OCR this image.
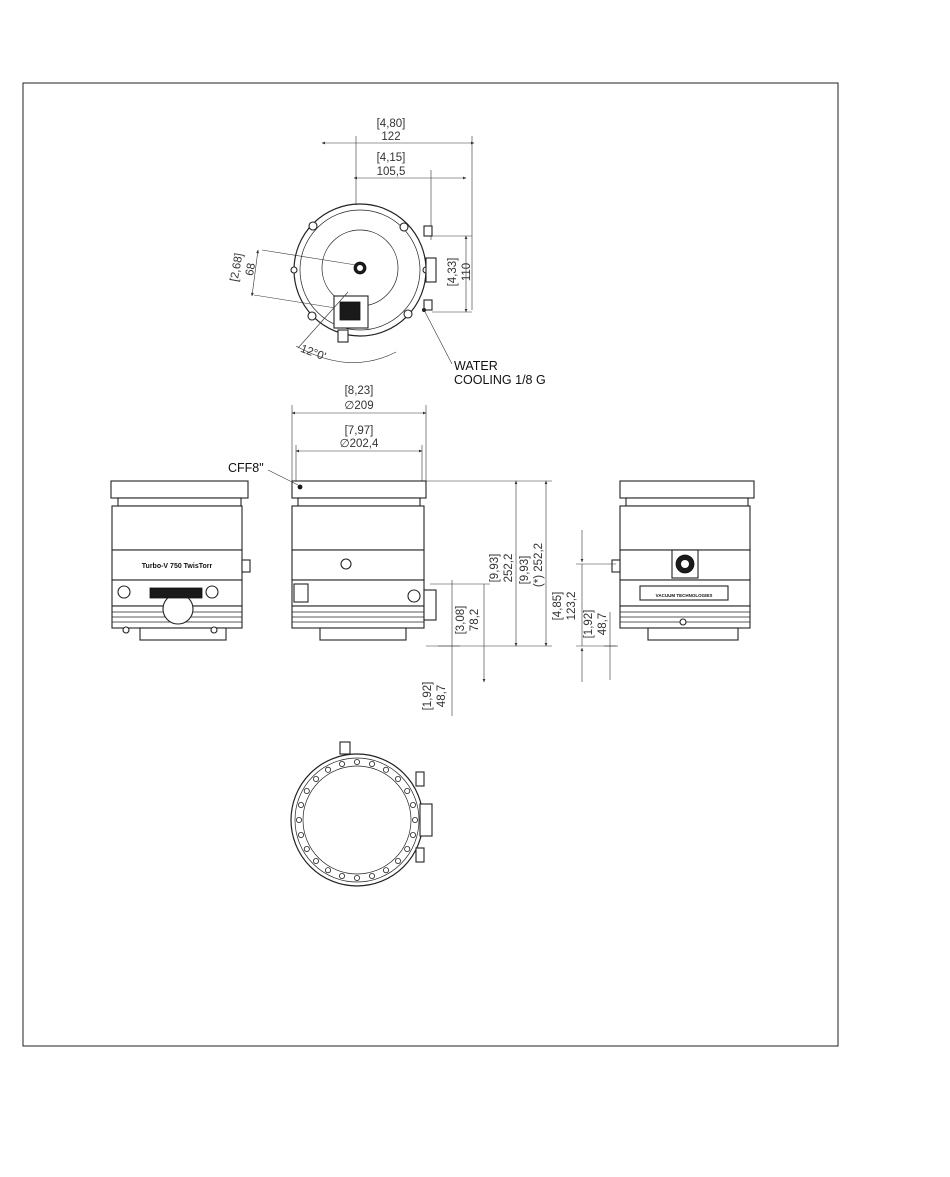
[4,80]
122
[4,15]
105,5
[2,68]
68	[4,33] 110
12°0'
WATER
COOLING 1/8 G
Turbo-V 750 TwisTorr
[8,23]
∅209
[7,97]
∅202,4
CFF8"
[9,93] 252,2 [9,93] (*) 252,2
[3,08] 78,2
[1,92] 48,7
VACUUM TECHNOLOGIES
[4,85] 123,2
[1,92] 48,7
